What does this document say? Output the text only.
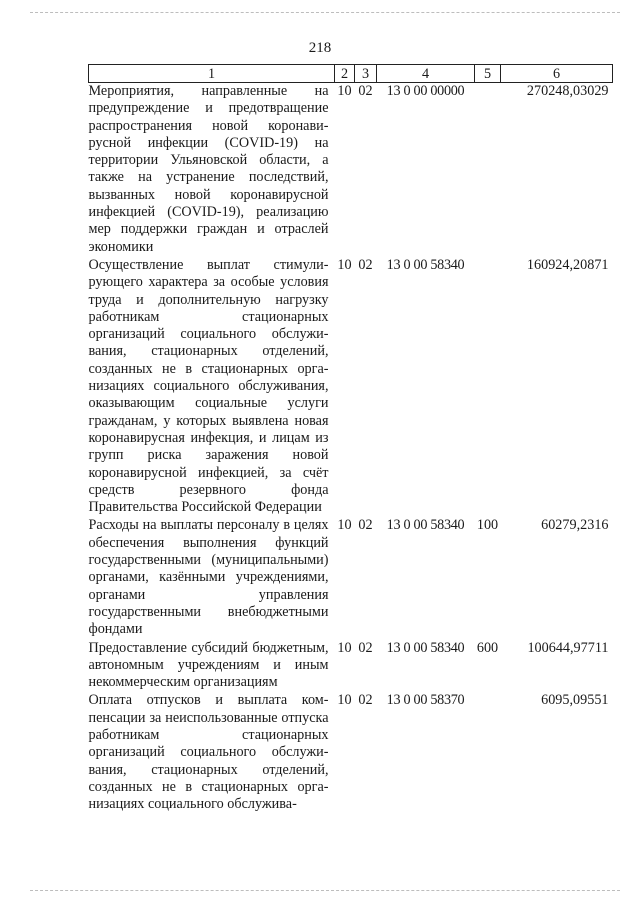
218
1	2	3	4	5	6
Мероприятия, направленные на предупреждение и предотвращение распространения новой коронавирусной инфекции (COVID-19) на территории Ульяновской области, а также на устранение последствий, вызванных новой коронавирусной инфекцией (COVID-19), реализацию мер поддержки граждан и отраслей экономики	10	02	13 0 00 00000		270248,03029
Осуществление выплат стимулирующего характера за особые условия труда и дополнительную нагрузку работникам стационарных организаций социального обслуживания, стационарных отделений, созданных не в стационарных организациях социального обслуживания, оказывающим социальные услуги гражданам, у которых выявлена новая коронавирусная инфекция, и лицам из групп риска заражения новой коронавирусной инфекцией, за счёт средств резервного фонда Правительства Российской Федерации	10	02	13 0 00 58340		160924,20871
Расходы на выплаты персоналу в целях обеспечения выполнения функций государственными (муниципальными) органами, казёнными учреждениями, органами управления государственными внебюджетными фондами	10	02	13 0 00 58340	100	60279,2316
Предоставление субсидий бюджетным, автономным учреждениям и иным некоммерческим организациям	10	02	13 0 00 58340	600	100644,97711
Оплата отпусков и выплата компенсации за неиспользованные отпуска работникам стационарных организаций социального обслуживания, стационарных отделений, созданных не в стационарных организациях социального обслужива-	10	02	13 0 00 58370		6095,09551
